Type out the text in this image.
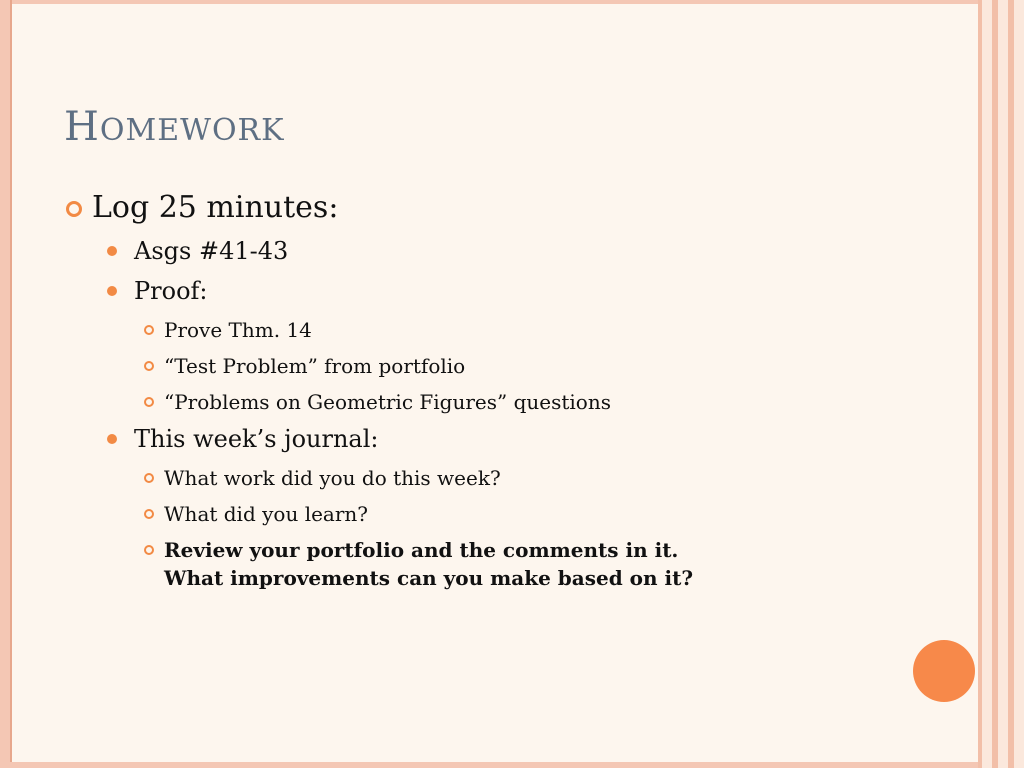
HOMEWORK
Log 25 minutes:
Asgs #41-43
Proof:
Prove Thm. 14
“Test Problem” from portfolio
“Problems on Geometric Figures” questions
This week’s journal:
What work did you do this week?
What did you learn?
Review your portfolio and the comments in it.
What improvements can you make based on it?
